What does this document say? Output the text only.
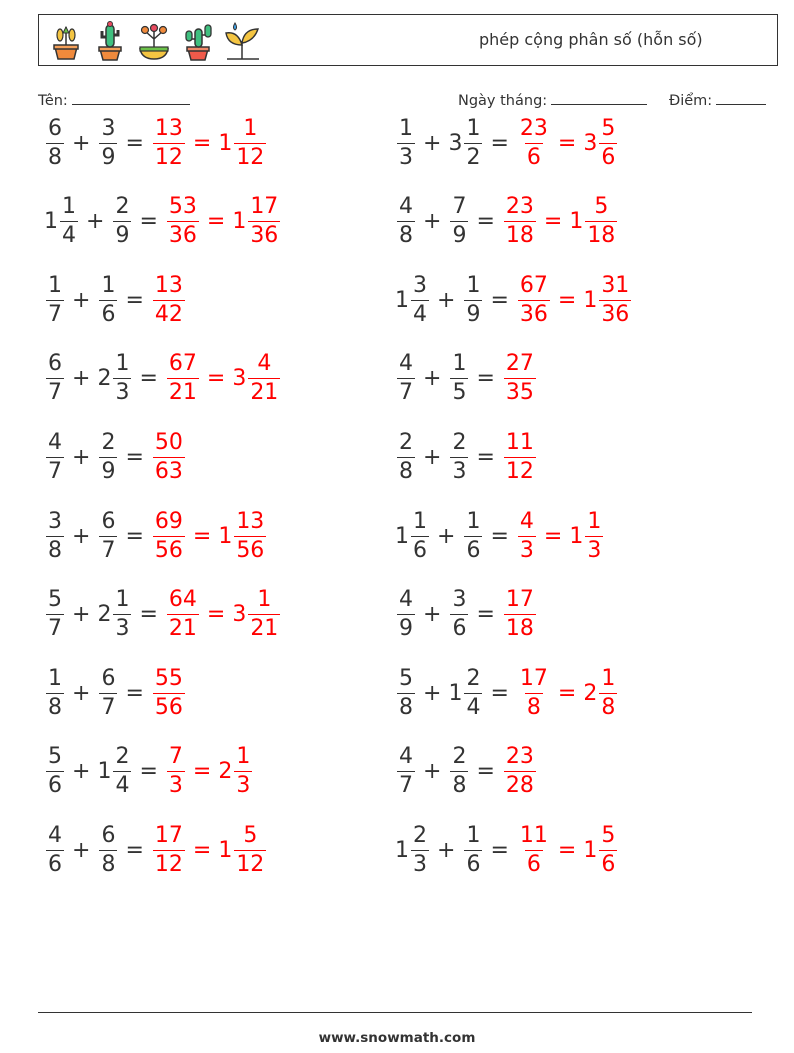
phép cộng phân số (hỗn số)
Tên:	Ngày tháng:	Điểm:
$\frac{6}{8} + \frac{3}{9} = \frac{13}{12} = 1 \frac{1}{12}$
$1 \frac{1}{4} + \frac{2}{9} = \frac{53}{36} = 1 \frac{17}{36}$
$\frac{1}{7} + \frac{1}{6} = \frac{13}{42}$
$\frac{6}{7} + 2 \frac{1}{3} = \frac{67}{21} = 3 \frac{4}{21}$
$\frac{4}{7} + \frac{2}{9} = \frac{50}{63}$
$\frac{3}{8} + \frac{6}{7} = \frac{69}{56} = 1 \frac{13}{56}$
$\frac{5}{7} + 2 \frac{1}{3} = \frac{64}{21} = 3 \frac{1}{21}$
$\frac{1}{8} + \frac{6}{7} = \frac{55}{56}$
$\frac{5}{6} + 1 \frac{2}{4} = \frac{7}{3} = 2 \frac{1}{3}$
$\frac{4}{6} + \frac{6}{8} = \frac{17}{12} = 1 \frac{5}{12}$
$\frac{1}{3} + 3 \frac{1}{2} = \frac{23}{6} = 3 \frac{5}{6}$
$\frac{4}{8} + \frac{7}{9} = \frac{23}{18} = 1 \frac{5}{18}$
$1 \frac{3}{4} + \frac{1}{9} = \frac{67}{36} = 1 \frac{31}{36}$
$\frac{4}{7} + \frac{1}{5} = \frac{27}{35}$
$\frac{2}{8} + \frac{2}{3} = \frac{11}{12}$
$1 \frac{1}{6} + \frac{1}{6} = \frac{4}{3} = 1 \frac{1}{3}$
$\frac{4}{9} + \frac{3}{6} = \frac{17}{18}$
$\frac{5}{8} + 1 \frac{2}{4} = \frac{17}{8} = 2 \frac{1}{8}$
$\frac{4}{7} + \frac{2}{8} = \frac{23}{28}$
$1 \frac{2}{3} + \frac{1}{6} = \frac{11}{6} = 1 \frac{5}{6}$
www.snowmath.com
